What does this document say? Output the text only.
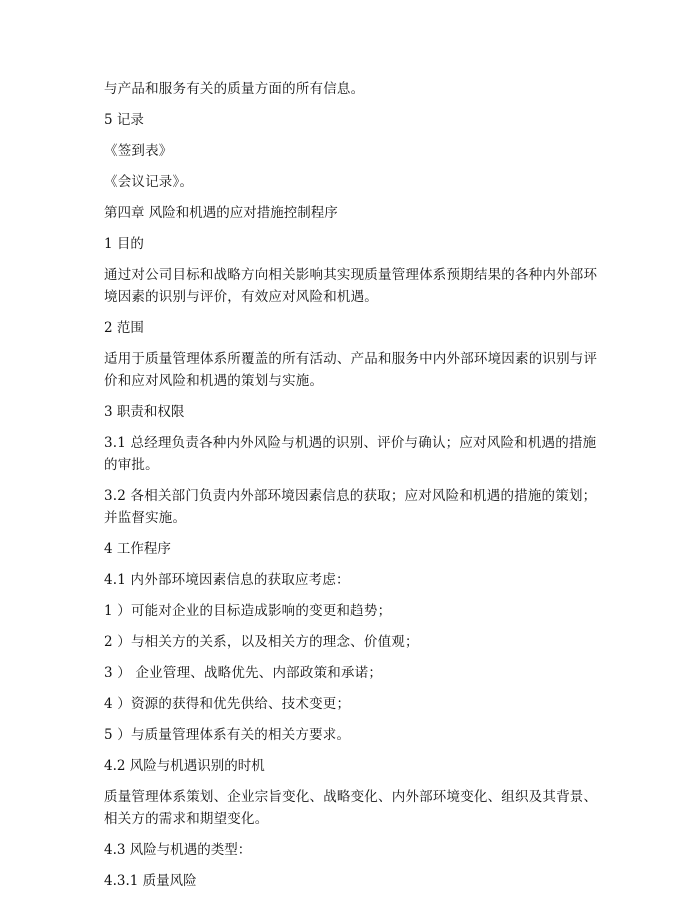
与产品和服务有关的质量方面的所有信息。

5 记录

《签到表》

《会议记录》。

第四章 风险和机遇的应对措施控制程序

1 目的

通过对公司目标和战略方向相关影响其实现质量管理体系预期结果的各种内外部环境因素的识别与评价，有效应对风险和机遇。

2 范围

适用于质量管理体系所覆盖的所有活动、产品和服务中内外部环境因素的识别与评价和应对风险和机遇的策划与实施。

3 职责和权限

3.1 总经理负责各种内外风险与机遇的识别、评价与确认；应对风险和机遇的措施的审批。

3.2 各相关部门负责内外部环境因素信息的获取；应对风险和机遇的措施的策划；并监督实施。

4 工作程序

4.1 内外部环境因素信息的获取应考虑：

1 ）可能对企业的目标造成影响的变更和趋势；

2 ）与相关方的关系，以及相关方的理念、价值观；

3 ） 企业管理、战略优先、内部政策和承诺；

4 ）资源的获得和优先供给、技术变更；

5 ）与质量管理体系有关的相关方要求。

4.2 风险与机遇识别的时机

质量管理体系策划、企业宗旨变化、战略变化、内外部环境变化、组织及其背景、相关方的需求和期望变化。

4.3 风险与机遇的类型：

4.3.1 质量风险
